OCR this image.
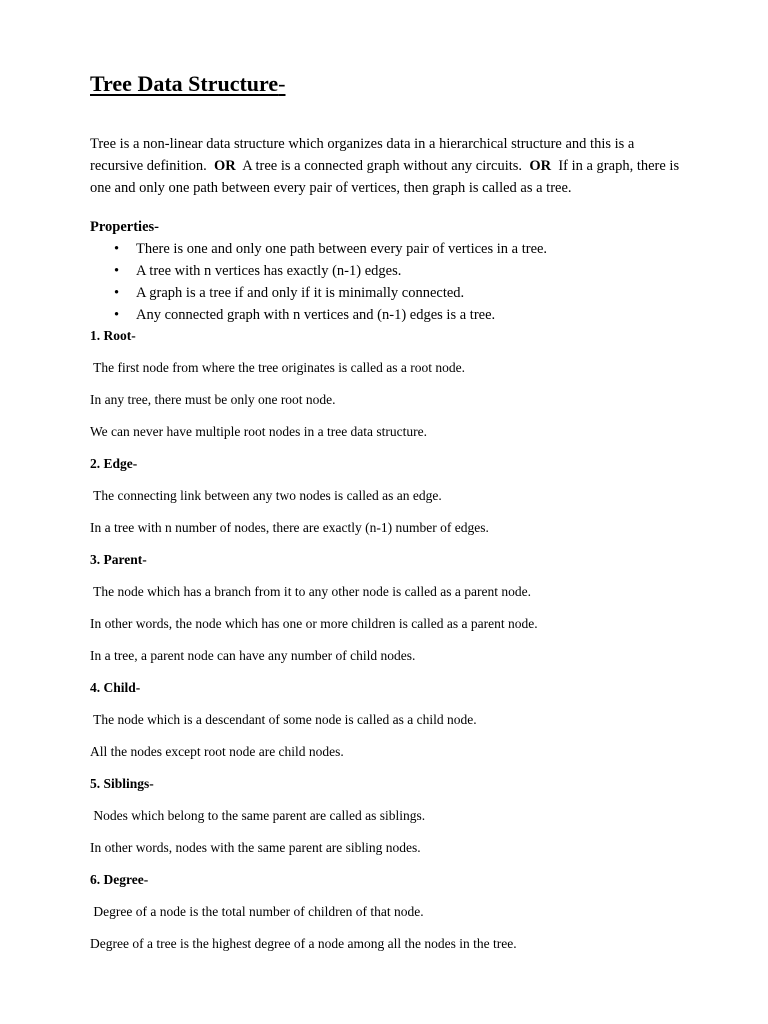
Tree Data Structure-

Tree is a non-linear data structure which organizes data in a hierarchical structure and this is a recursive definition. OR A tree is a connected graph without any circuits. OR If in a graph, there is one and only one path between every pair of vertices, then graph is called as a tree.

Properties-

• There is one and only one path between every pair of vertices in a tree.
• A tree with n vertices has exactly (n-1) edges.
• A graph is a tree if and only if it is minimally connected.
• Any connected graph with n vertices and (n-1) edges is a tree.

1. Root-

The first node from where the tree originates is called as a root node.

In any tree, there must be only one root node.

We can never have multiple root nodes in a tree data structure.

2. Edge-

The connecting link between any two nodes is called as an edge.

In a tree with n number of nodes, there are exactly (n-1) number of edges.

3. Parent-

The node which has a branch from it to any other node is called as a parent node.

In other words, the node which has one or more children is called as a parent node.

In a tree, a parent node can have any number of child nodes.

4. Child-

The node which is a descendant of some node is called as a child node.

All the nodes except root node are child nodes.

5. Siblings-

Nodes which belong to the same parent are called as siblings.

In other words, nodes with the same parent are sibling nodes.

6. Degree-

Degree of a node is the total number of children of that node.

Degree of a tree is the highest degree of a node among all the nodes in the tree.
